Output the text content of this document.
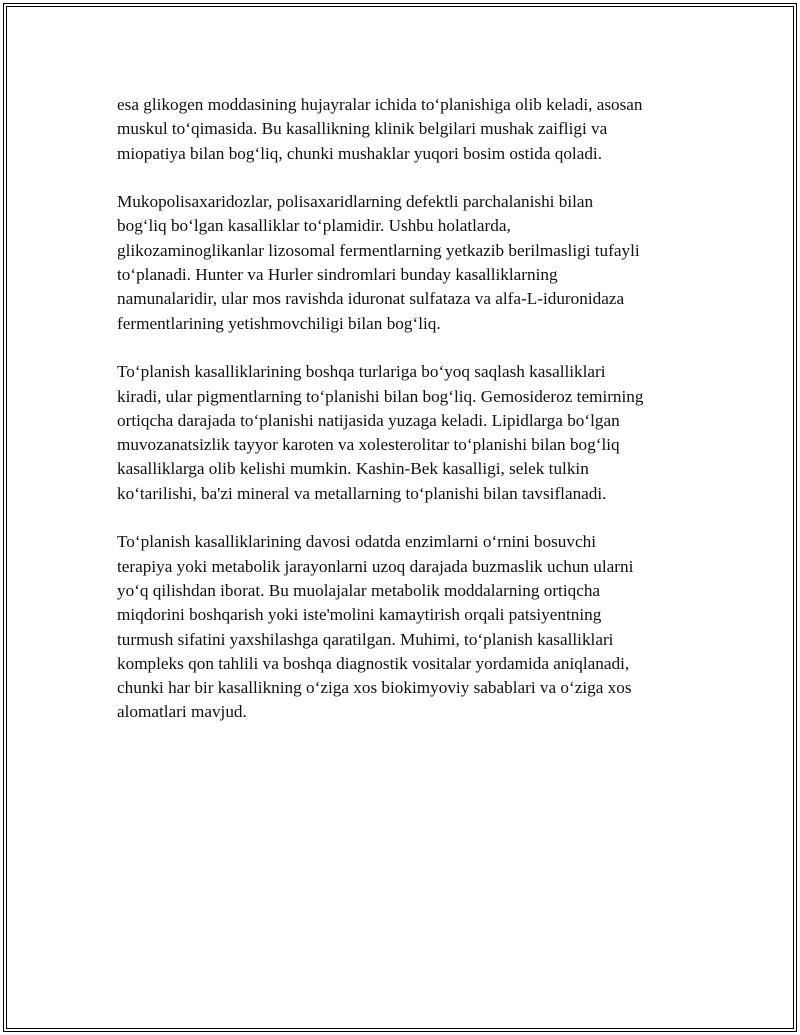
esa glikogen moddasining hujayralar ichida to‘planishiga olib keladi, asosan
muskul to‘qimasida. Bu kasallikning klinik belgilari mushak zaifligi va
miopatiya bilan bog‘liq, chunki mushaklar yuqori bosim ostida qoladi.

Mukopolisaxaridozlar, polisaxaridlarning defektli parchalanishi bilan
bog‘liq bo‘lgan kasalliklar to‘plamidir. Ushbu holatlarda,
glikozaminoglikanlar lizosomal fermentlarning yetkazib berilmasligi tufayli
to‘planadi. Hunter va Hurler sindromlari bunday kasalliklarning
namunalaridir, ular mos ravishda iduronat sulfataza va alfa-L-iduronidaza
fermentlarining yetishmovchiligi bilan bog‘liq.

To‘planish kasalliklarining boshqa turlariga bo‘yoq saqlash kasalliklari
kiradi, ular pigmentlarning to‘planishi bilan bog‘liq. Gemosideroz temirning
ortiqcha darajada to‘planishi natijasida yuzaga keladi. Lipidlarga bo‘lgan
muvozanatsizlik tayyor karoten va xolesterolitar to‘planishi bilan bog‘liq
kasalliklarga olib kelishi mumkin. Kashin-Bek kasalligi, selek tulkin
ko‘tarilishi, ba'zi mineral va metallarning to‘planishi bilan tavsiflanadi.

To‘planish kasalliklarining davosi odatda enzimlarni o‘rnini bosuvchi
terapiya yoki metabolik jarayonlarni uzoq darajada buzmaslik uchun ularni
yo‘q qilishdan iborat. Bu muolajalar metabolik moddalarning ortiqcha
miqdorini boshqarish yoki iste'molini kamaytirish orqali patsiyentning
turmush sifatini yaxshilashga qaratilgan. Muhimi, to‘planish kasalliklari
kompleks qon tahlili va boshqa diagnostik vositalar yordamida aniqlanadi,
chunki har bir kasallikning o‘ziga xos biokimyoviy sabablari va o‘ziga xos
alomatlari mavjud.
